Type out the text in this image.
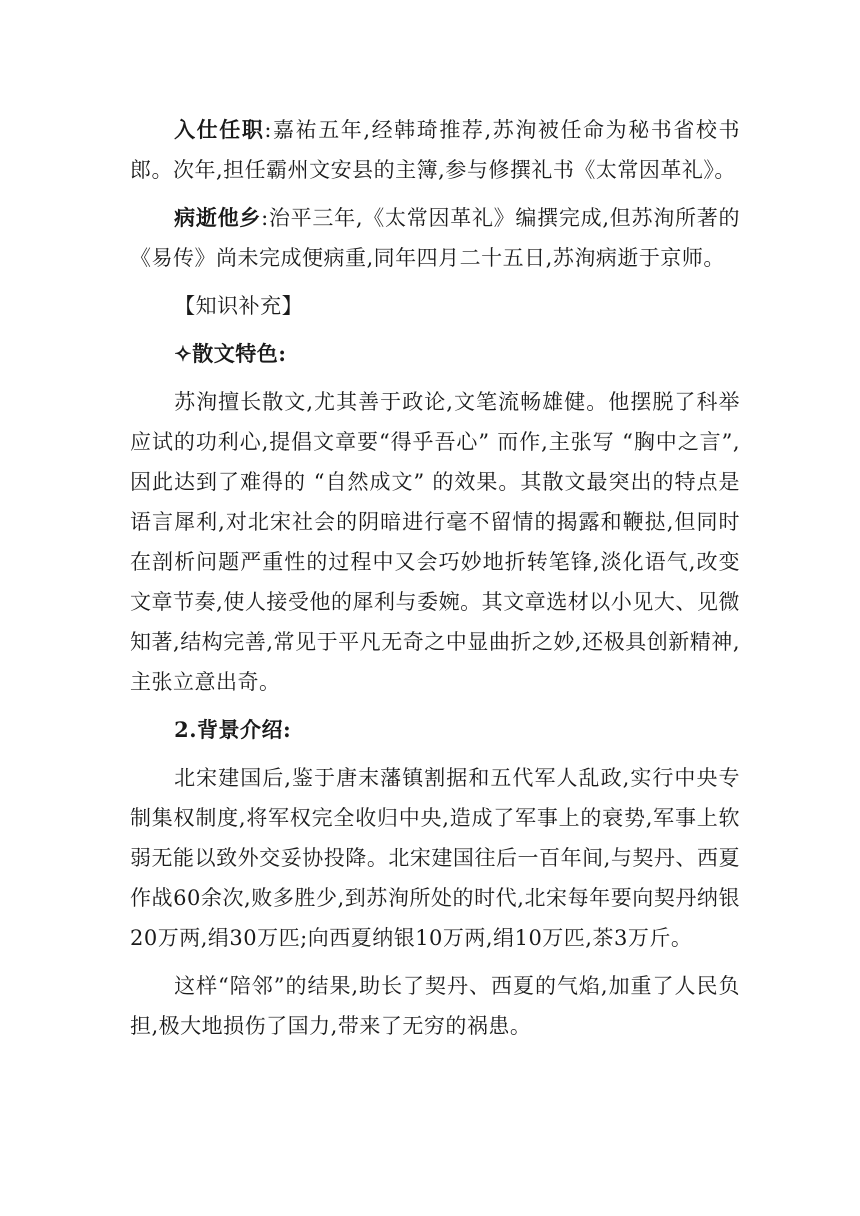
入仕任职:嘉祐五年,经韩琦推荐,苏洵被任命为秘书省校书郎。次年,担任霸州文安县的主簿,参与修撰礼书《太常因革礼》。

病逝他乡:治平三年,《太常因革礼》编撰完成,但苏洵所著的《易传》尚未完成便病重,同年四月二十五日,苏洵病逝于京师。

【知识补充】

✧散文特色:

苏洵擅长散文,尤其善于政论,文笔流畅雄健。他摆脱了科举应试的功利心,提倡文章要“得乎吾心” 而作,主张写 “胸中之言”,因此达到了难得的 “自然成文” 的效果。其散文最突出的特点是语言犀利,对北宋社会的阴暗进行毫不留情的揭露和鞭挞,但同时在剖析问题严重性的过程中又会巧妙地折转笔锋,淡化语气,改变文章节奏,使人接受他的犀利与委婉。其文章选材以小见大、见微知著,结构完善,常见于平凡无奇之中显曲折之妙,还极具创新精神,主张立意出奇。

2.背景介绍:

北宋建国后,鉴于唐末藩镇割据和五代军人乱政,实行中央专制集权制度,将军权完全收归中央,造成了军事上的衰势,军事上软弱无能以致外交妥协投降。北宋建国往后一百年间,与契丹、西夏作战60余次,败多胜少,到苏洵所处的时代,北宋每年要向契丹纳银20万两,绢30万匹;向西夏纳银10万两,绢10万匹,茶3万斤。

这样“陪邻”的结果,助长了契丹、西夏的气焰,加重了人民负担,极大地损伤了国力,带来了无穷的祸患。
